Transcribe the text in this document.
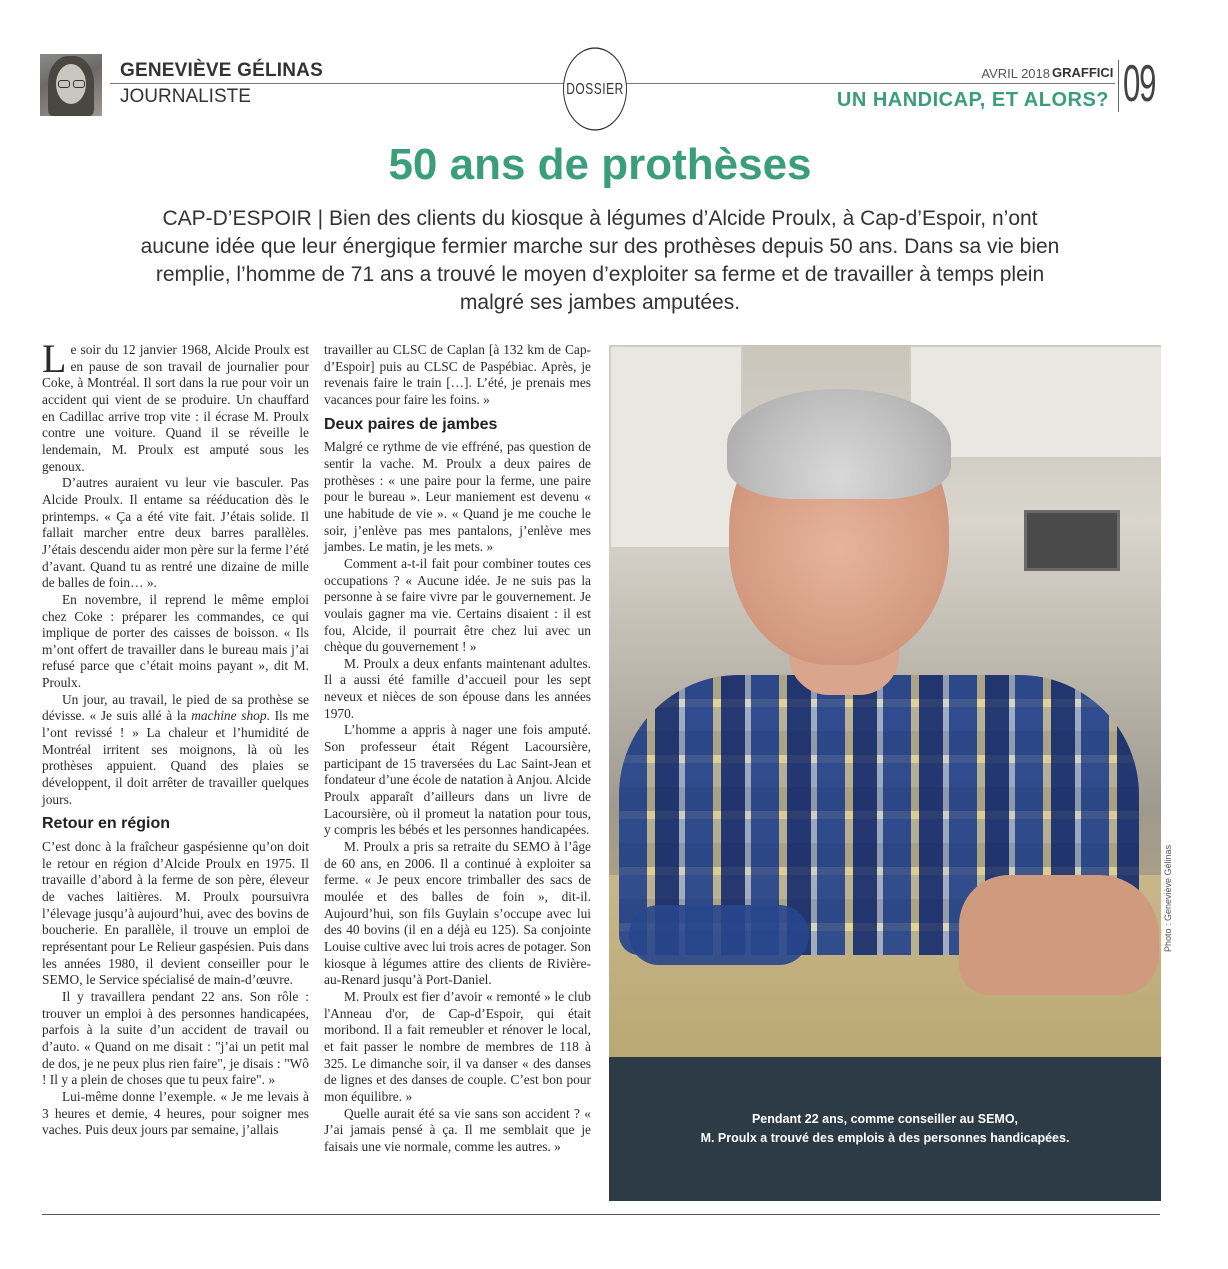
GENEVIÈVE GÉLINAS
JOURNALISTE	DOSSIER
AVRIL 2018 GRAFFICI
UN HANDICAP, ET ALORS? 09
50 ans de prothèses
CAP-D’ESPOIR | Bien des clients du kiosque à légumes d’Alcide Proulx, à Cap-d’Espoir, n’ont aucune idée que leur énergique fermier marche sur des prothèses depuis 50 ans. Dans sa vie bien remplie, l’homme de 71 ans a trouvé le moyen d’exploiter sa ferme et de travailler à temps plein malgré ses jambes amputées.

Le soir du 12 janvier 1968, Alcide Proulx est en pause de son travail de journalier pour Coke, à Montréal. Il sort dans la rue pour voir un accident qui vient de se produire. Un chauffard en Cadillac arrive trop vite : il écrase M. Proulx contre une voiture. Quand il se réveille le lendemain, M. Proulx est amputé sous les genoux.

D’autres auraient vu leur vie basculer. Pas Alcide Proulx. Il entame sa rééducation dès le printemps. « Ça a été vite fait. J’étais solide. Il fallait marcher entre deux barres parallèles. J’étais descendu aider mon père sur la ferme l’été d’avant. Quand tu as rentré une dizaine de mille de balles de foin… ».

En novembre, il reprend le même emploi chez Coke : préparer les commandes, ce qui implique de porter des caisses de boisson. « Ils m’ont offert de travailler dans le bureau mais j’ai refusé parce que c’était moins payant », dit M. Proulx.

Un jour, au travail, le pied de sa prothèse se dévisse. « Je suis allé à la machine shop. Ils me l’ont revissé ! » La chaleur et l’humidité de Montréal irritent ses moignons, là où les prothèses appuient. Quand des plaies se développent, il doit arrêter de travailler quelques jours.

Retour en région

C’est donc à la fraîcheur gaspésienne qu’on doit le retour en région d’Alcide Proulx en 1975. Il travaille d’abord à la ferme de son père, éleveur de vaches laitières. M. Proulx poursuivra l’élevage jusqu’à aujourd’hui, avec des bovins de boucherie. En parallèle, il trouve un emploi de représentant pour Le Relieur gaspésien. Puis dans les années 1980, il devient conseiller pour le SEMO, le Service spécialisé de main-d’œuvre.

Il y travaillera pendant 22 ans. Son rôle : trouver un emploi à des personnes handicapées, parfois à la suite d’un accident de travail ou d’auto. « Quand on me disait : "j’ai un petit mal de dos, je ne peux plus rien faire", je disais : "Wô ! Il y a plein de choses que tu peux faire". »

Lui-même donne l’exemple. « Je me levais à 3 heures et demie, 4 heures, pour soigner mes vaches. Puis deux jours par semaine, j’allais

travailler au CLSC de Caplan [à 132 km de Cap-d’Espoir] puis au CLSC de Paspébiac. Après, je revenais faire le train […]. L’été, je prenais mes vacances pour faire les foins. »

Deux paires de jambes

Malgré ce rythme de vie effréné, pas question de sentir la vache. M. Proulx a deux paires de prothèses : « une paire pour la ferme, une paire pour le bureau ». Leur maniement est devenu « une habitude de vie ». « Quand je me couche le soir, j’enlève pas mes pantalons, j’enlève mes jambes. Le matin, je les mets. »

Comment a-t-il fait pour combiner toutes ces occupations ? « Aucune idée. Je ne suis pas la personne à se faire vivre par le gouvernement. Je voulais gagner ma vie. Certains disaient : il est fou, Alcide, il pourrait être chez lui avec un chèque du gouvernement ! »

M. Proulx a deux enfants maintenant adultes. Il a aussi été famille d’accueil pour les sept neveux et nièces de son épouse dans les années 1970.

L’homme a appris à nager une fois amputé. Son professeur était Régent Lacoursière, participant de 15 traversées du Lac Saint-Jean et fondateur d’une école de natation à Anjou. Alcide Proulx apparaît d’ailleurs dans un livre de Lacoursière, où il promeut la natation pour tous, y compris les bébés et les personnes handicapées.

M. Proulx a pris sa retraite du SEMO à l’âge de 60 ans, en 2006. Il a continué à exploiter sa ferme. « Je peux encore trimballer des sacs de moulée et des balles de foin », dit-il. Aujourd’hui, son fils Guylain s’occupe avec lui des 40 bovins (il en a déjà eu 125). Sa conjointe Louise cultive avec lui trois acres de potager. Son kiosque à légumes attire des clients de Rivière-au-Renard jusqu’à Port-Daniel.

M. Proulx est fier d’avoir « remonté » le club l'Anneau d'or, de Cap-d’Espoir, qui était moribond. Il a fait remeubler et rénover le local, et fait passer le nombre de membres de 118 à 325. Le dimanche soir, il va danser « des danses de lignes et des danses de couple. C’est bon pour mon équilibre. »

Quelle aurait été sa vie sans son accident ? « J’ai jamais pensé à ça. Il me semblait que je faisais une vie normale, comme les autres. »

Photo : Geneviève Gélinas
Pendant 22 ans, comme conseiller au SEMO,
M. Proulx a trouvé des emplois à des personnes handicapées.
